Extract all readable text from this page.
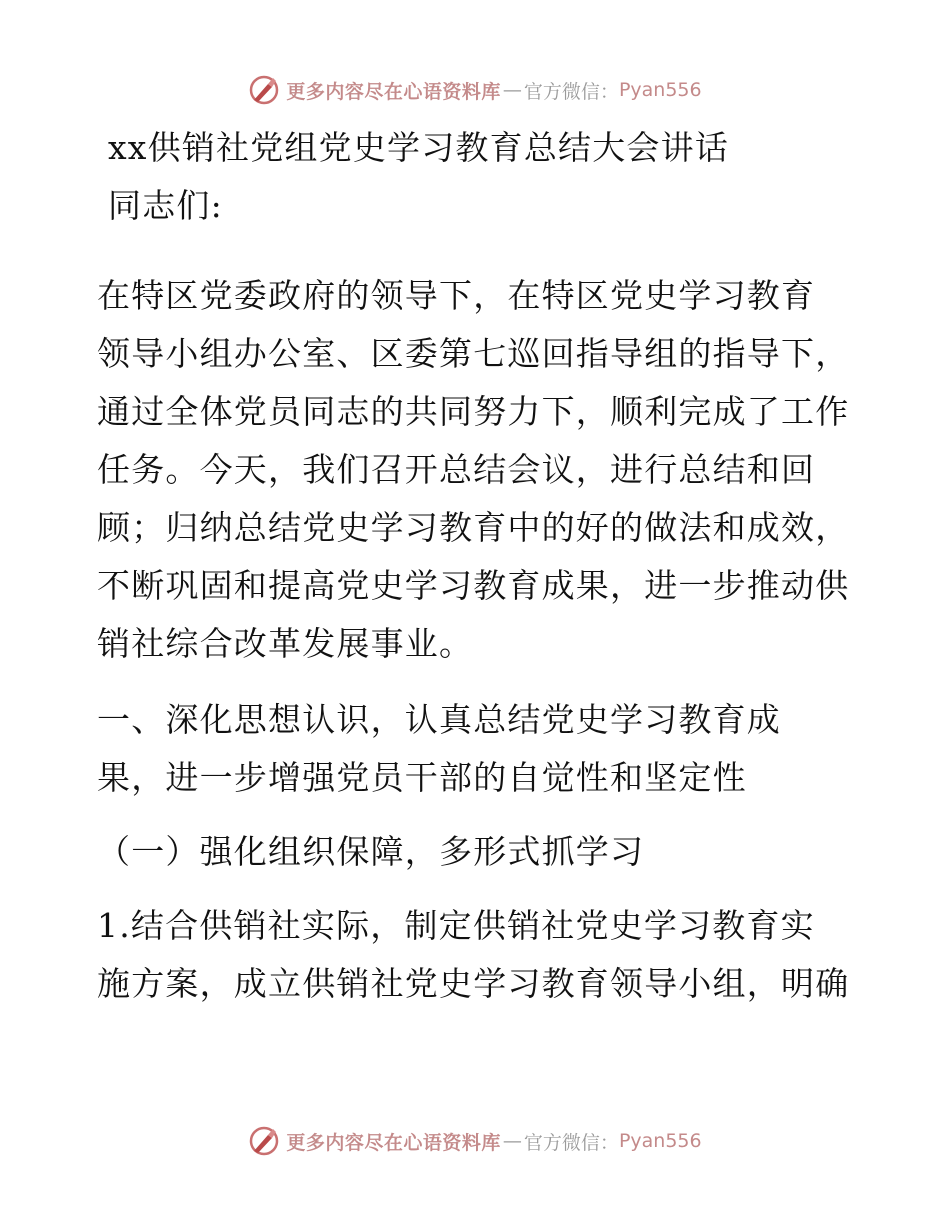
更多内容尽在心语资料库 — 官方微信： Pyan556
xx供销社党组党史学习教育总结大会讲话
同志们:
在特区党委政府的领导下，在特区党史学习教育
领导小组办公室、区委第七巡回指导组的指导下，
通过全体党员同志的共同努力下，顺利完成了工作
任务。今天，我们召开总结会议，进行总结和回
顾；归纳总结党史学习教育中的好的做法和成效，
不断巩固和提高党史学习教育成果，进一步推动供
销社综合改革发展事业。
一、深化思想认识，认真总结党史学习教育成
果，进一步增强党员干部的自觉性和坚定性
（一）强化组织保障，多形式抓学习
1.结合供销社实际，制定供销社党史学习教育实
施方案，成立供销社党史学习教育领导小组，明确
更多内容尽在心语资料库 — 官方微信： Pyan556
